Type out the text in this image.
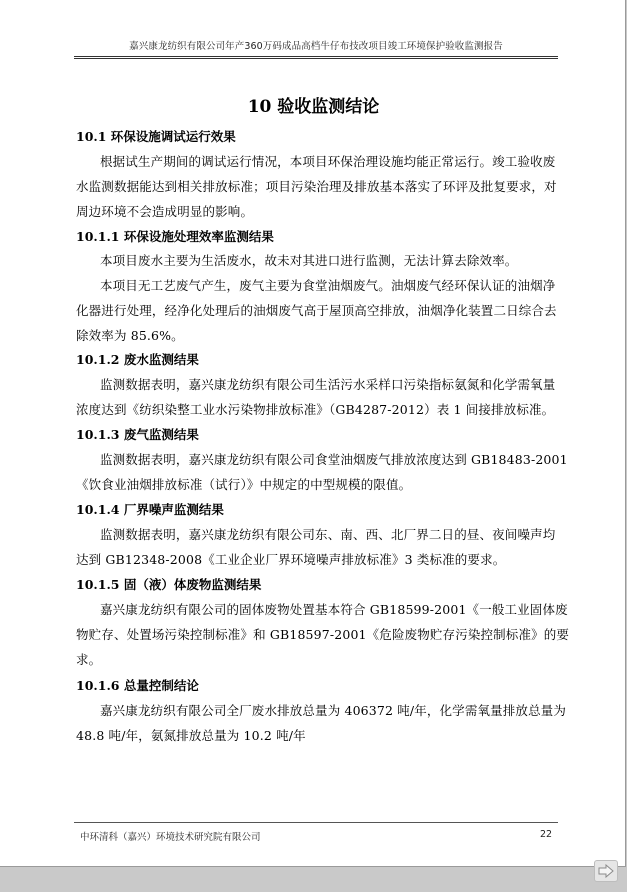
嘉兴康龙纺织有限公司年产360万码成品高档牛仔布技改项目竣工环境保护验收监测报告
10 验收监测结论
10.1 环保设施调试运行效果
根据试生产期间的调试运行情况，本项目环保治理设施均能正常运行。竣工验收废
水监测数据能达到相关排放标准；项目污染治理及排放基本落实了环评及批复要求，对
周边环境不会造成明显的影响。
10.1.1 环保设施处理效率监测结果
本项目废水主要为生活废水，故未对其进口进行监测，无法计算去除效率。
本项目无工艺废气产生，废气主要为食堂油烟废气。油烟废气经环保认证的油烟净
化器进行处理，经净化处理后的油烟废气高于屋顶高空排放，油烟净化装置二日综合去
除效率为 85.6%。
10.1.2 废水监测结果
监测数据表明，嘉兴康龙纺织有限公司生活污水采样口污染指标氨氮和化学需氧量
浓度达到《纺织染整工业水污染物排放标准》（GB4287-2012）表 1 间接排放标准。
10.1.3 废气监测结果
监测数据表明，嘉兴康龙纺织有限公司食堂油烟废气排放浓度达到 GB18483-2001
《饮食业油烟排放标准（试行）》中规定的中型规模的限值。
10.1.4 厂界噪声监测结果
监测数据表明，嘉兴康龙纺织有限公司东、南、西、北厂界二日的昼、夜间噪声均
达到 GB12348-2008《工业企业厂界环境噪声排放标准》3 类标准的要求。
10.1.5 固（液）体废物监测结果
嘉兴康龙纺织有限公司的固体废物处置基本符合 GB18599-2001《一般工业固体废
物贮存、处置场污染控制标准》和 GB18597-2001《危险废物贮存污染控制标准》的要
求。
10.1.6 总量控制结论
嘉兴康龙纺织有限公司全厂废水排放总量为 406372 吨/年，化学需氧量排放总量为
48.8 吨/年，氨氮排放总量为 10.2 吨/年
中环清科（嘉兴）环境技术研究院有限公司	22
